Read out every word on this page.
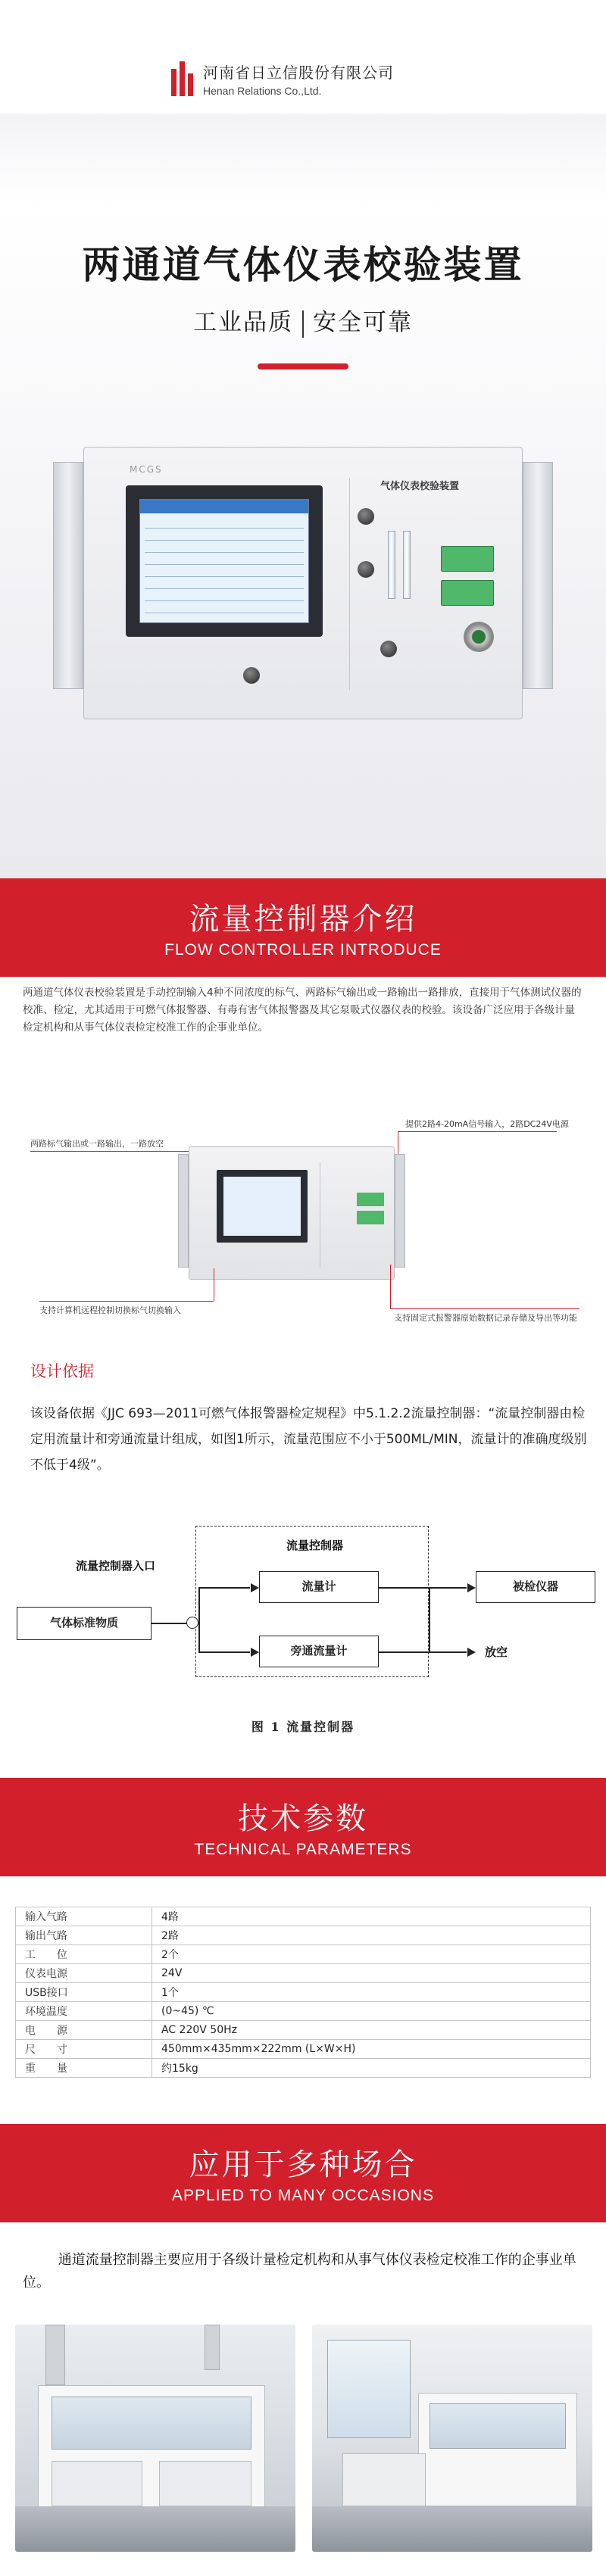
河南省日立信股份有限公司
Henan Relations Co.,Ltd.
两通道气体仪表校验装置
工业品质 安全可靠
MCGS
气体仪表校验装置
流量控制器介绍
FLOW CONTROLLER INTRODUCE
两通道气体仪表校验装置是手动控制输入4种不同浓度的标气、两路标气输出或一路输出一路排放，直接用于气体测试仪器的校准、检定，尤其适用于可燃气体报警器、有毒有害气体报警器及其它泵吸式仪器仪表的校验。该设备广泛应用于各级计量检定机构和从事气体仪表检定校准工作的企事业单位。
两路标气输出或一路输出，一路放空
提供2路4-20mA信号输入，2路DC24V电源
支持计算机远程控制切换标气切换输入
支持固定式报警器原始数据记录存储及导出等功能
设计依据
该设备依据《JJC 693—2011可燃气体报警器检定规程》中5.1.2.2流量控制器：“流量控制器由检定用流量计和旁通流量计组成，如图1所示，流量范围应不小于500ML/MIN，流量计的准确度级别不低于4级”。
流量控制器
流量控制器入口
气体标准物质
流量计
旁通流量计
被检仪器
放空
图 1 流量控制器
技术参数
TECHNICAL PARAMETERS
输入气路	4路
输出气路	2路
工　　位	2个
仪表电源	24V
USB接口	1个
环境温度	(0~45) ℃
电　　源	AC 220V 50Hz
尺　　寸	450mm×435mm×222mm (L×W×H)
重　　量	约15kg
应用于多种场合
APPLIED TO MANY OCCASIONS
通道流量控制器主要应用于各级计量检定机构和从事气体仪表检定校准工作的企事业单位。
